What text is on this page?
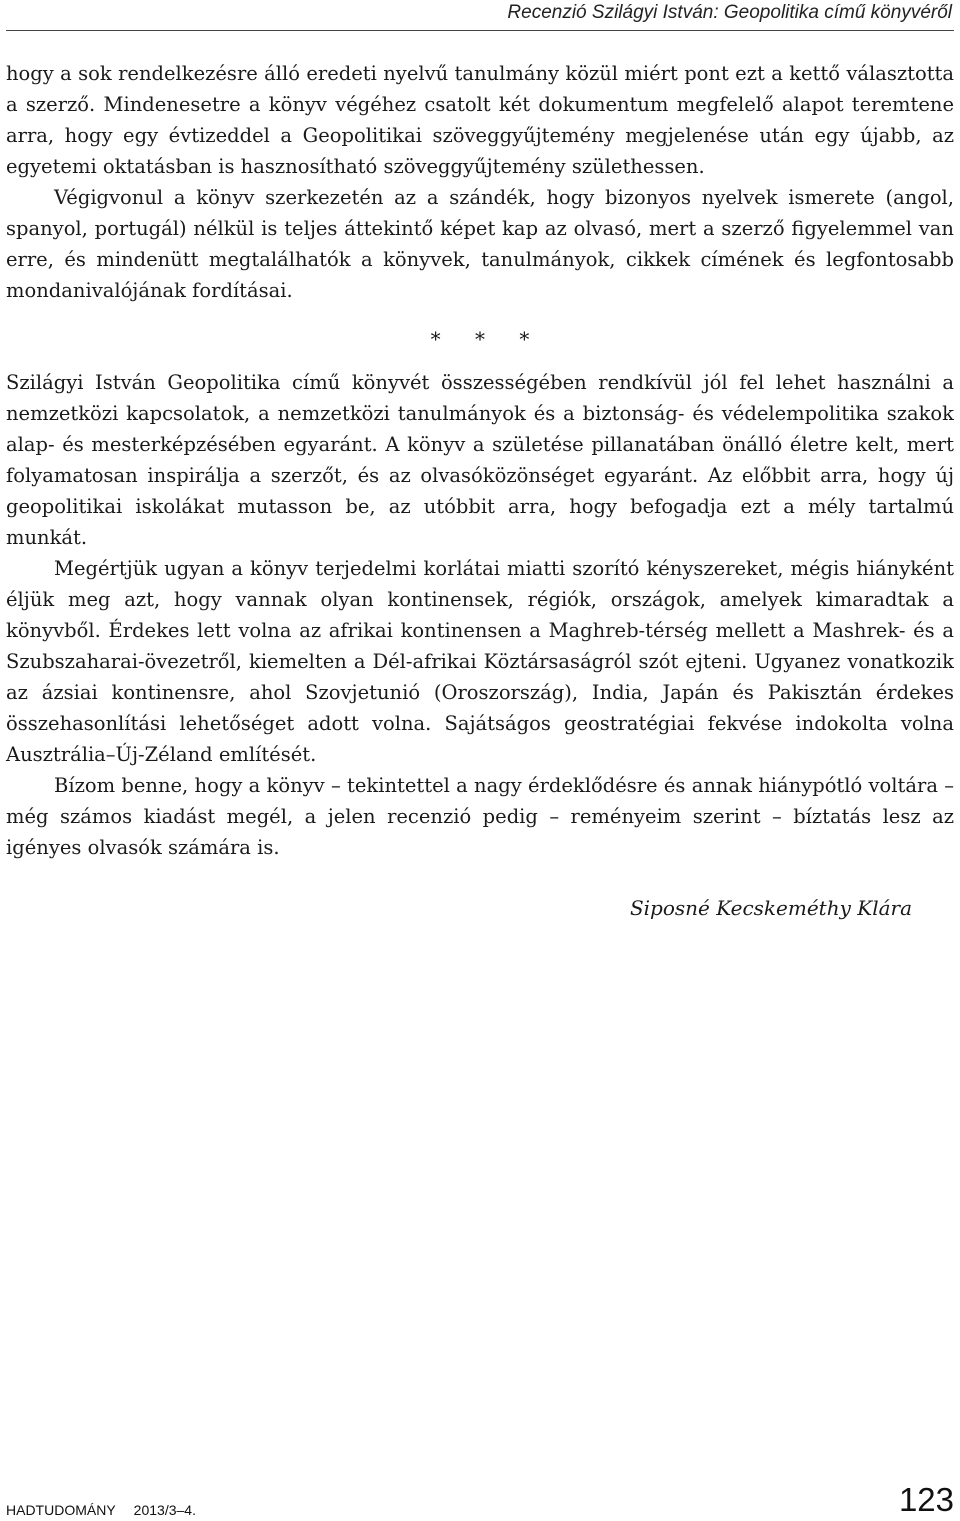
Recenzió Szilágyi István: Geopolitika című könyvéről

hogy a sok rendelkezésre álló eredeti nyelvű tanulmány közül miért pont ezt a kettő választotta a szerző. Mindenesetre a könyv végéhez csatolt két dokumentum megfelelő alapot teremtene arra, hogy egy évtizeddel a Geopolitikai szöveggyűjtemény megjelenése után egy újabb, az egyetemi oktatásban is hasznosítható szöveggyűjtemény születhessen.

Végigvonul a könyv szerkezetén az a szándék, hogy bizonyos nyelvek ismerete (angol, spanyol, portugál) nélkül is teljes áttekintő képet kap az olvasó, mert a szerző figyelemmel van erre, és mindenütt megtalálhatók a könyvek, tanulmányok, cikkek címének és legfontosabb mondanivalójának fordításai.

* * *

Szilágyi István Geopolitika című könyvét összességében rendkívül jól fel lehet használni a nemzetközi kapcsolatok, a nemzetközi tanulmányok és a biztonság- és védelempolitika szakok alap- és mesterképzésében egyaránt. A könyv a születése pillanatában önálló életre kelt, mert folyamatosan inspirálja a szerzőt, és az olvasóközönséget egyaránt. Az előbbit arra, hogy új geopolitikai iskolákat mutasson be, az utóbbit arra, hogy befogadja ezt a mély tartalmú munkát.

Megértjük ugyan a könyv terjedelmi korlátai miatti szorító kényszereket, mégis hiányként éljük meg azt, hogy vannak olyan kontinensek, régiók, országok, amelyek kimaradtak a könyvből. Érdekes lett volna az afrikai kontinensen a Maghreb-térség mellett a Mashrek- és a Szubszaharai-övezetről, kiemelten a Dél-afrikai Köztársaságról szót ejteni. Ugyanez vonatkozik az ázsiai kontinensre, ahol Szovjetunió (Oroszország), India, Japán és Pakisztán érdekes összehasonlítási lehetőséget adott volna. Sajátságos geostratégiai fekvése indokolta volna Ausztrália–Új-Zéland említését.

Bízom benne, hogy a könyv – tekintettel a nagy érdeklődésre és annak hiánypótló voltára – még számos kiadást megél, a jelen recenzió pedig – reményeim szerint – bíztatás lesz az igényes olvasók számára is.

Siposné Kecskeméthy Klára
HADTUDOMÁNY 2013/3–4.	123
